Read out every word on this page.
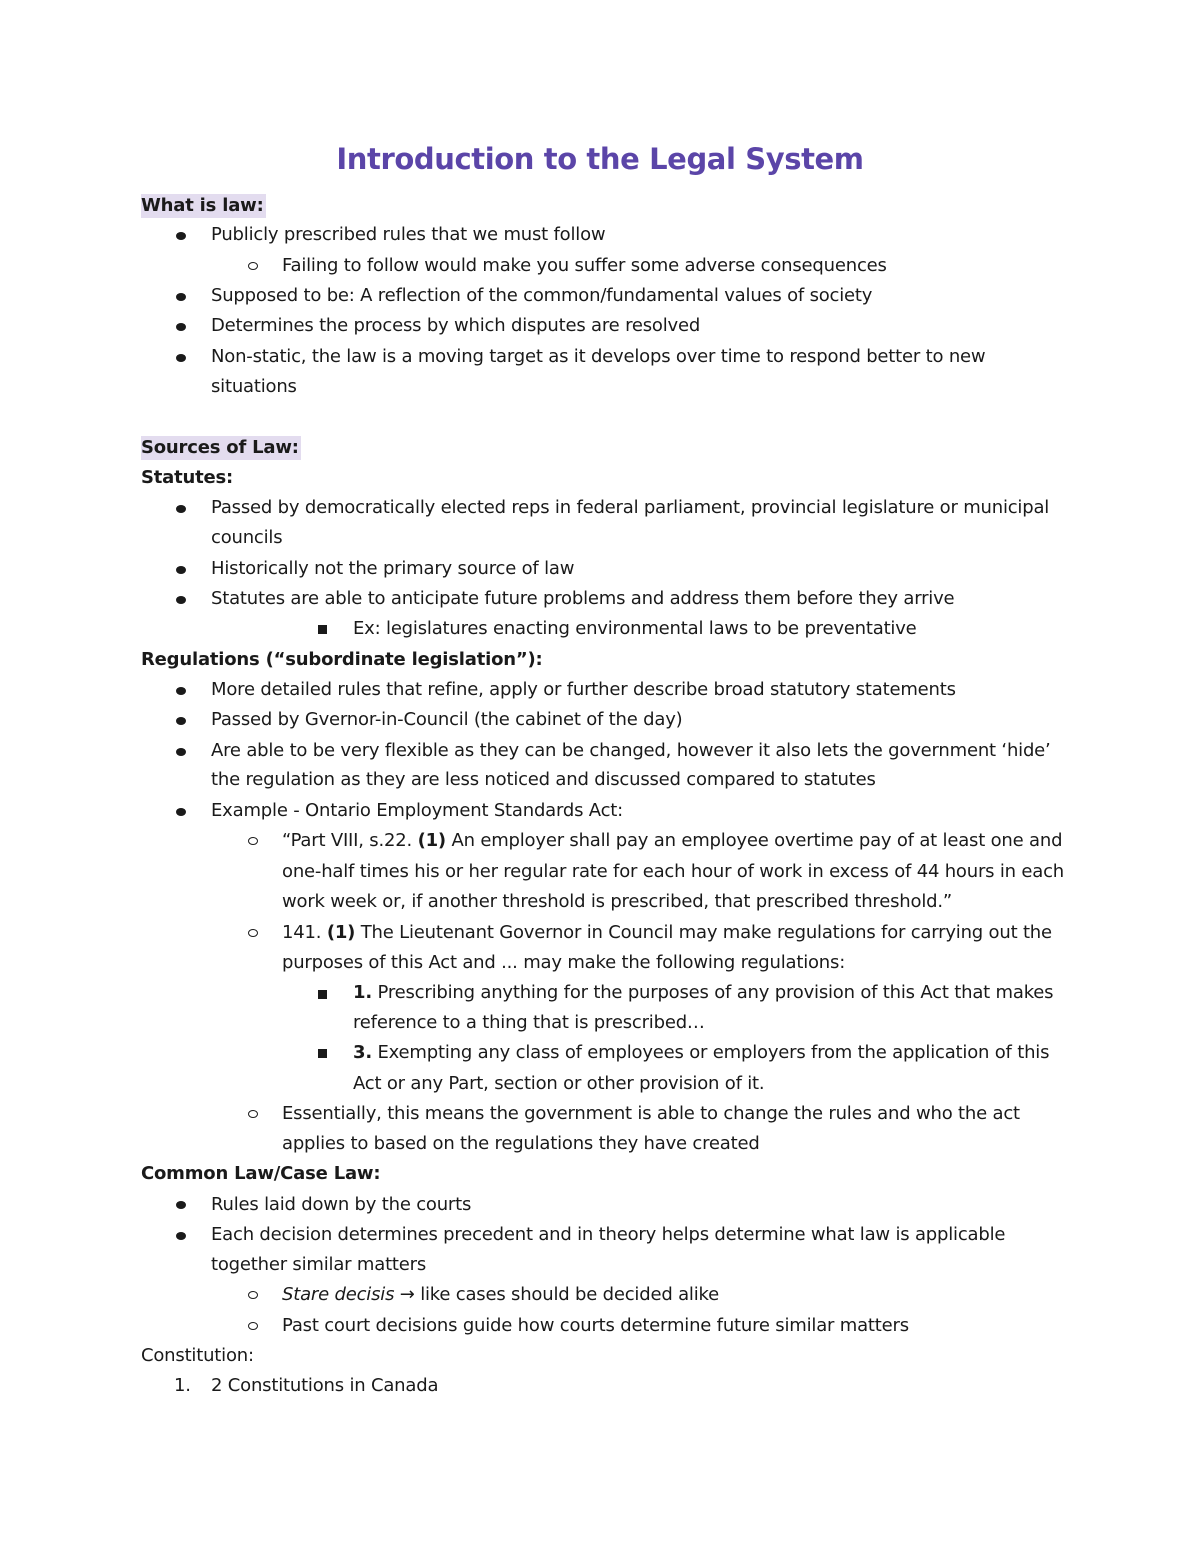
Introduction to the Legal System
What is law:
Publicly prescribed rules that we must follow
Failing to follow would make you suffer some adverse consequences
Supposed to be: A reflection of the common/fundamental values of society
Determines the process by which disputes are resolved
Non-static, the law is a moving target as it develops over time to respond better to new
situations
Sources of Law:
Statutes:
Passed by democratically elected reps in federal parliament, provincial legislature or municipal
councils
Historically not the primary source of law
Statutes are able to anticipate future problems and address them before they arrive
Ex: legislatures enacting environmental laws to be preventative
Regulations (“subordinate legislation”):
More detailed rules that refine, apply or further describe broad statutory statements
Passed by Gvernor-in-Council (the cabinet of the day)
Are able to be very flexible as they can be changed, however it also lets the government ‘hide’
the regulation as they are less noticed and discussed compared to statutes
Example - Ontario Employment Standards Act:
“Part VIII, s.22. (1) An employer shall pay an employee overtime pay of at least one and
one-half times his or her regular rate for each hour of work in excess of 44 hours in each
work week or, if another threshold is prescribed, that prescribed threshold.”
141. (1) The Lieutenant Governor in Council may make regulations for carrying out the
purposes of this Act and ... may make the following regulations:
1. Prescribing anything for the purposes of any provision of this Act that makes
reference to a thing that is prescribed…
3. Exempting any class of employees or employers from the application of this
Act or any Part, section or other provision of it.
Essentially, this means the government is able to change the rules and who the act
applies to based on the regulations they have created
Common Law/Case Law:
Rules laid down by the courts
Each decision determines precedent and in theory helps determine what law is applicable
together similar matters
Stare decisis → like cases should be decided alike
Past court decisions guide how courts determine future similar matters
Constitution:
1. 2 Constitutions in Canada
